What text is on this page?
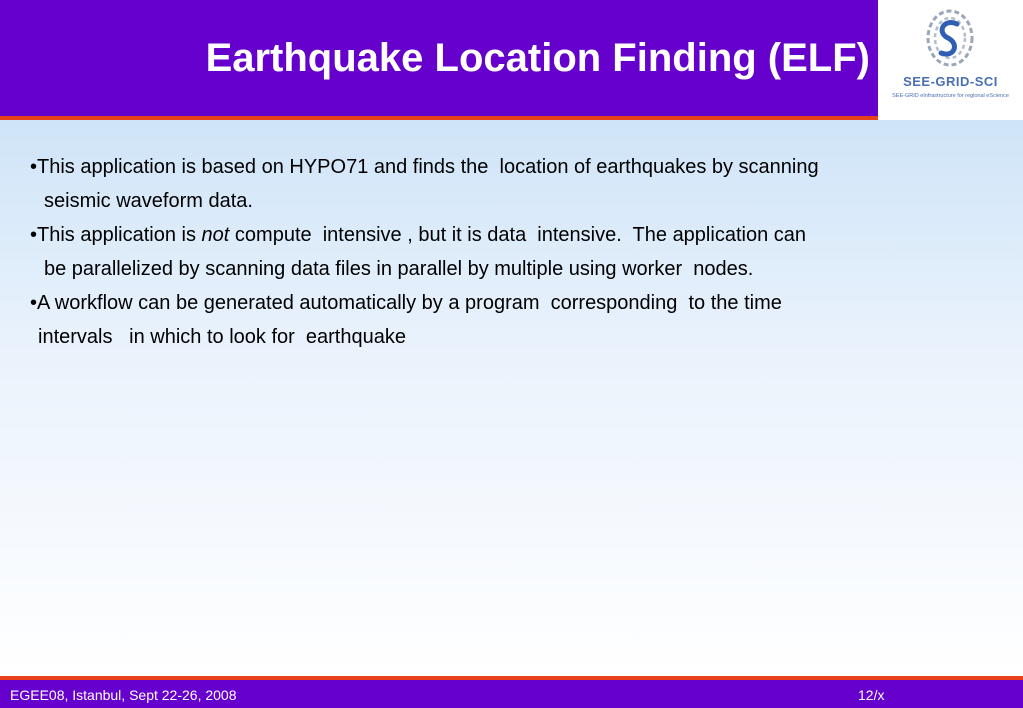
Earthquake Location Finding (ELF)
SEE-GRID-SCI
SEE-GRID eInfrastructure for regional eScience
•This application is based on HYPO71 and finds the  location of earthquakes by scanning
seismic waveform data.
•This application is not compute  intensive , but it is data  intensive.  The application can
be parallelized by scanning data files in parallel by multiple using worker  nodes.
•A workflow can be generated automatically by a program  corresponding  to the time
intervals   in which to look for  earthquake
EGEE08, Istanbul, Sept 22-26, 2008	12/x
